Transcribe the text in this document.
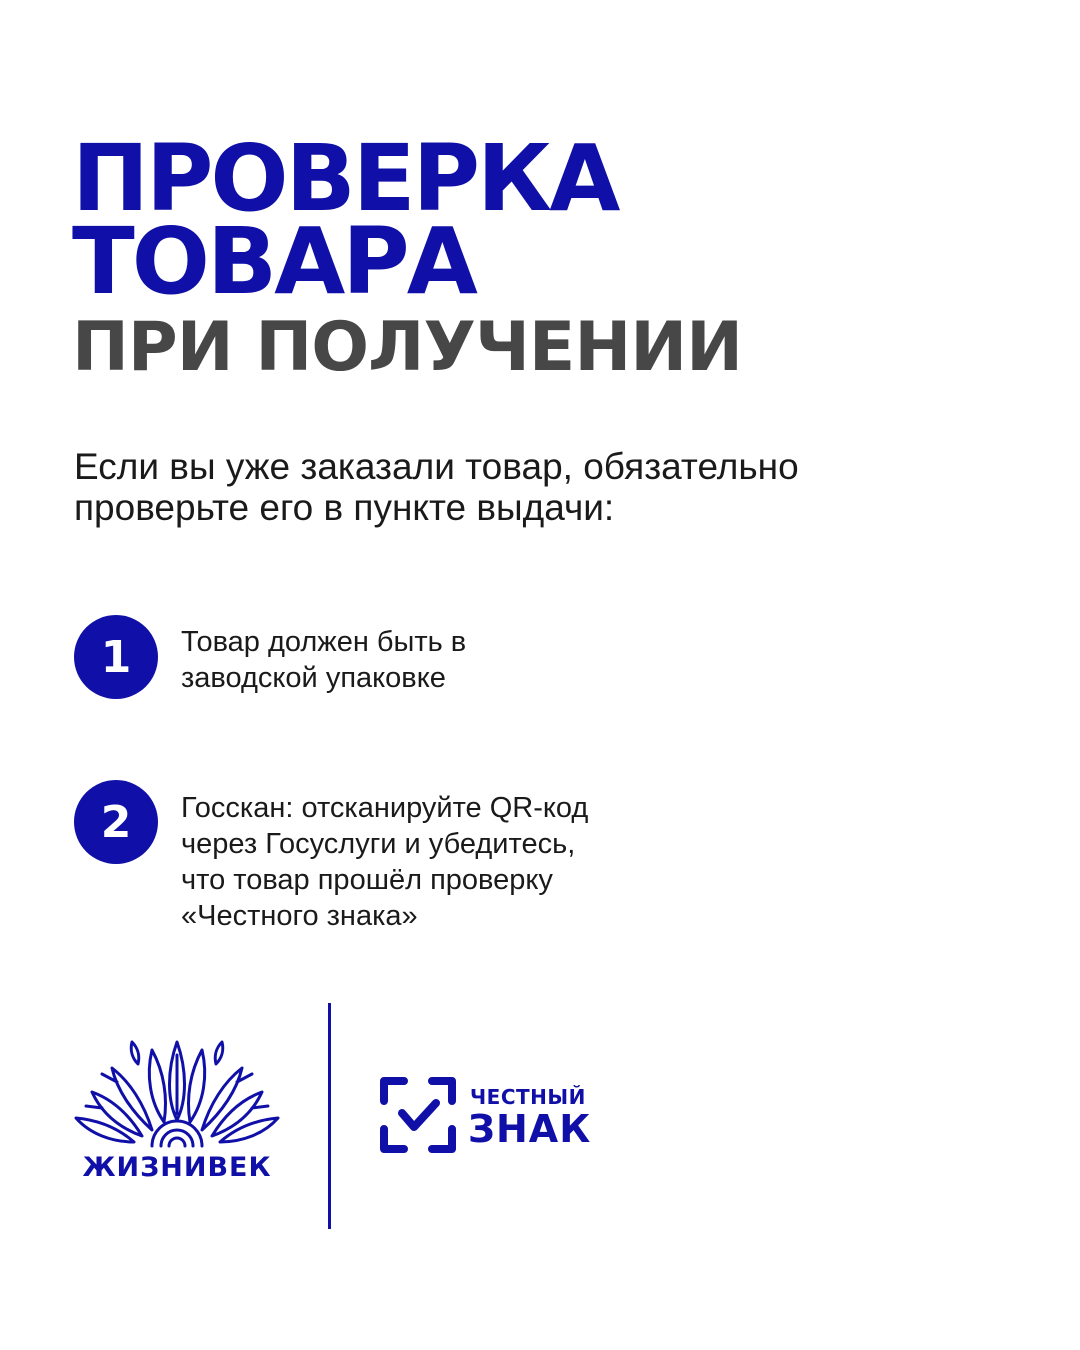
ПРОВЕРКА
ТОВАРА
ПРИ ПОЛУЧЕНИИ

Если вы уже заказали товар, обязательно
проверьте его в пункте выдачи:

1	Товар должен быть в
заводской упаковке

2	Госскан: отсканируйте QR-код
через Госуслуги и убедитесь,
что товар прошёл проверку
«Честного знака»

ЖИЗНИВЕК
ЧЕСТНЫЙ
ЗНАК
